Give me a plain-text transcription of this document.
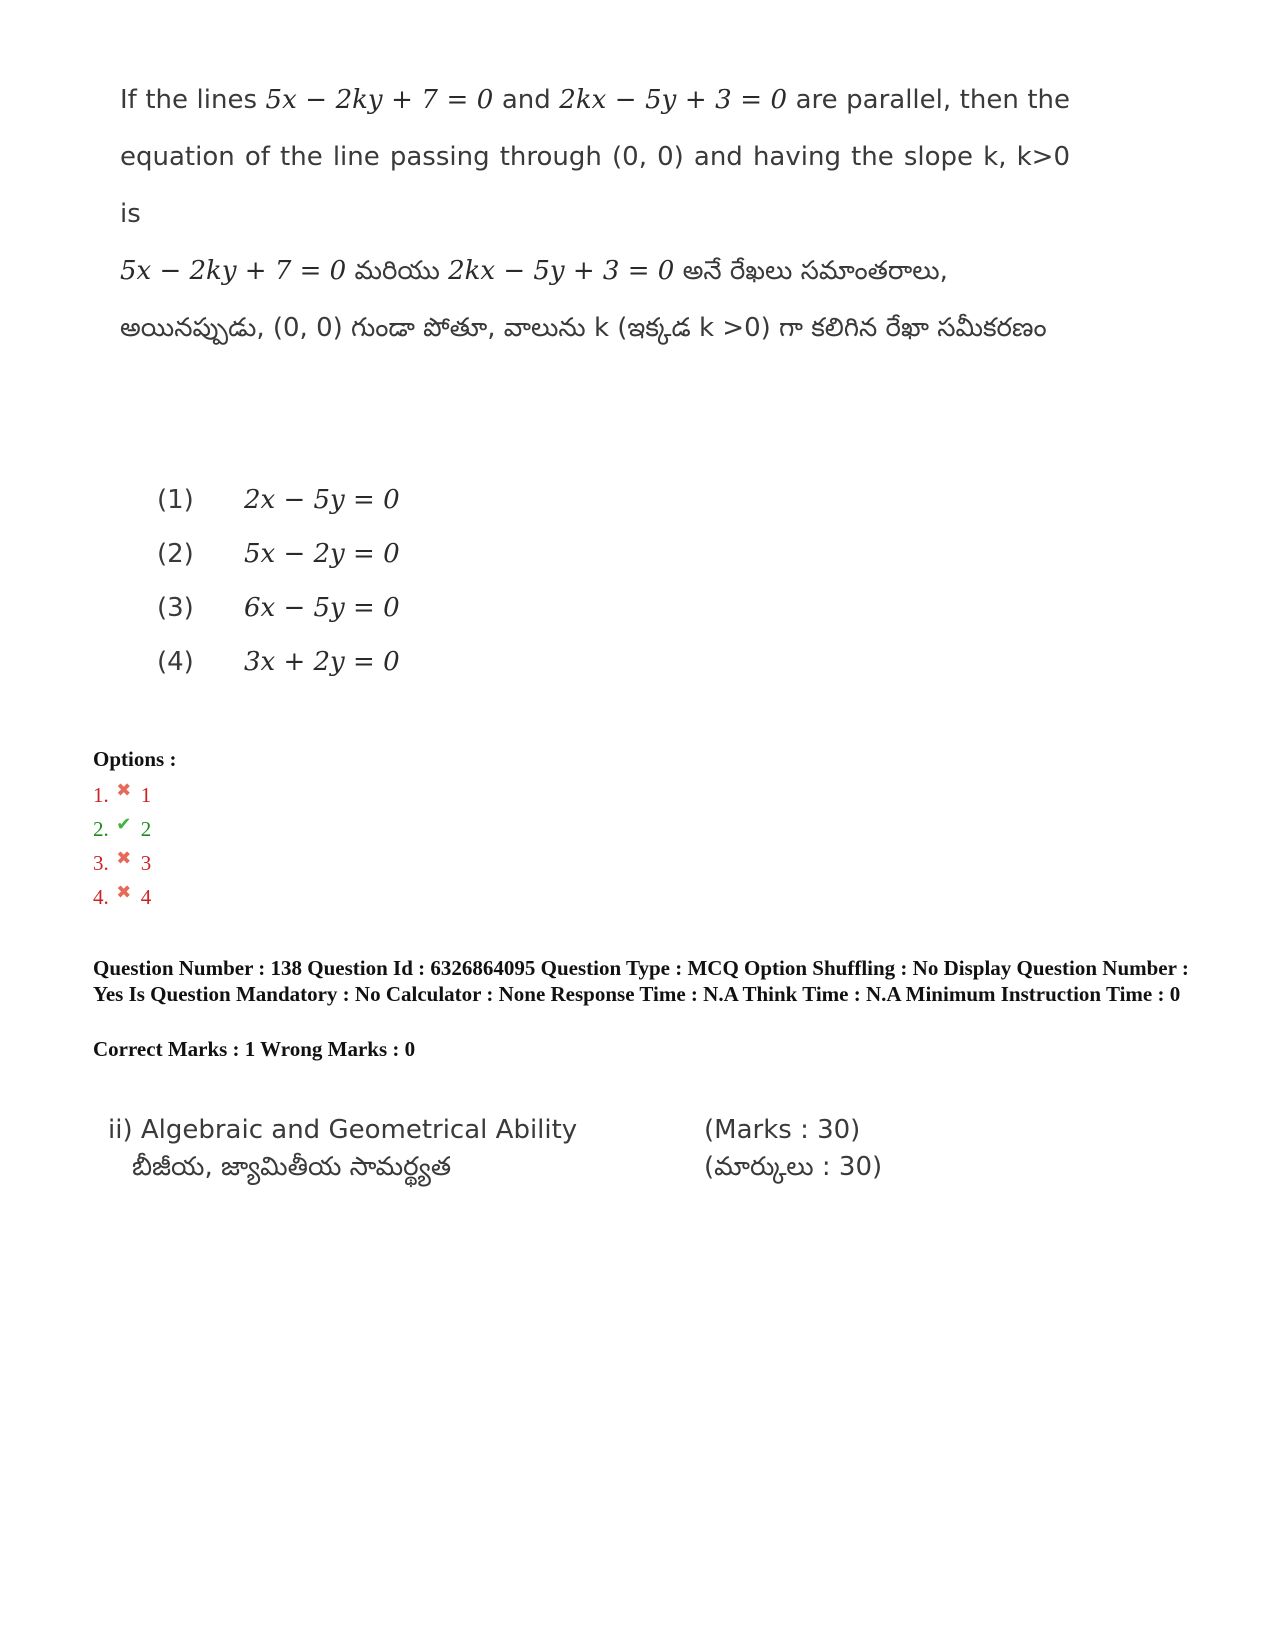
If the lines 5x − 2ky + 7 = 0 and 2kx − 5y + 3 = 0 are parallel, then the equation of the line passing through (0, 0) and having the slope k, k>0 is

5x − 2ky + 7 = 0 మరియు 2kx − 5y + 3 = 0 అనే రేఖలు సమాంతరాలు, అయినప్పుడు, (0, 0) గుండా పోతూ, వాలును k (ఇక్కడ k >0) గా కలిగిన రేఖా సమీకరణం

(1)	2x − 5y = 0
(2)	5x − 2y = 0
(3)	6x − 5y = 0
(4)	3x + 2y = 0
Options :
1. ✖ 1
2. ✔ 2
3. ✖ 3
4. ✖ 4

Question Number : 138 Question Id : 6326864095 Question Type : MCQ Option Shuffling : No Display Question Number : Yes Is Question Mandatory : No Calculator : None Response Time : N.A Think Time : N.A Minimum Instruction Time : 0

Correct Marks : 1 Wrong Marks : 0
ii) Algebraic and Geometrical Ability	(Marks : 30)
బీజీయ, జ్యామితీయ సామర్థ్యత	(మార్కులు : 30)
